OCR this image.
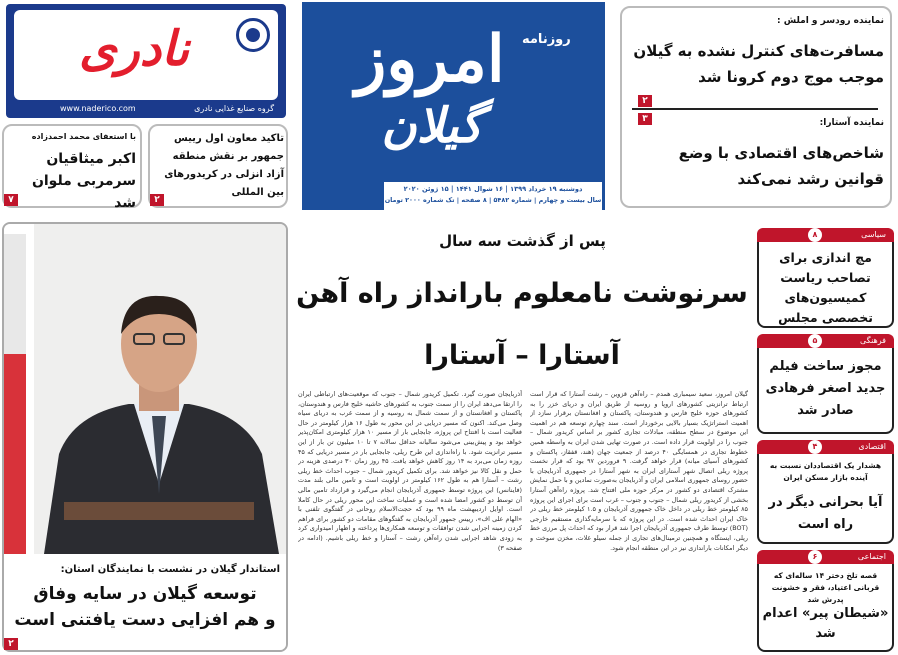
نادری
گروه صنایع غذایی نادری
www.naderico.com
روزنامه
امروز
گیلان
دوشنبه ۱۹ خرداد ۱۳۹۹ | ۱۶ شوال ۱۴۴۱ | ۱۵ ژوئن ۲۰۲۰
سال بیست و چهارم | شماره ۵۴۸۲ | ۸ صفحه | تک شماره ۲۰۰۰ تومان
نماینده رودسر و املش :
مسافرت‌های کنترل نشده به گیلان موجب موج دوم کرونا شد
۲
۳	نماینده آستارا:
شاخص‌های اقتصادی با وضع قوانین رشد نمی‌کند
تاکید معاون اول رییس جمهور بر نقش منطقه آزاد انزلی در کریدورهای بین المللی
۲
با استعفای محمد احمدزاده
اکبر میثاقیان سرمربی ملوان شد
۷
استاندار گیلان در نشست با نمایندگان استان:
توسعه گیلان در سایه وفاق
و هم افزایی دست یافتنی است
۲
پس از گذشت سه سال
سرنوشت نامعلوم بارانداز راه آهن
آستارا – آستارا

گیلان امروز، سعید سیمباری همدم – راه‌آهن قزوین – رشت آستارا که قرار است ارتباط ترانزیتی کشورهای اروپا و روسیه از طریق ایران و دریای خزر را به کشورهای حوزه خلیج فارس و هندوستان، پاکستان و افغانستان برقرار سازد از اهمیت استراتژیک بسیار بالایی برخوردار است. سند چهارم توسعه هم در اهمیت این موضوع در سطح منطقه، مبادلات تجاری کشور بر اساس کریدور شمال – جنوب را در اولویت قرار داده است. در صورت تهایی شدن ایران به واسطه همین خطوط تجاری در همسایگی ۴۰ درصد از جمعیت جهان (هند، قفقاز، پاکستان و کشورهای آسیای میانه) قرار خواهد گرفت. ۹ فروردین ۹۷ بود که قرار نخست پروژه ریلی اتصال شهر آستارای ایران به شهر آستارا در جمهوری آذربایجان با حضور روسای جمهوری اسلامی ایران و آذربایجان به‌صورت نمادین و با حمل نمایش مشترک اقتصادی دو کشور در مرکز حوزه ملی افتتاح شد. پروژه راه‌آهن آستارا بخشی از کریدور ریلی شمال – جنوب و جنوب – غرب است برای اجرای این پروژه ۸۵ کیلومتر خط ریلی در داخل خاک جمهوری آذربایجان و ۱.۵ کیلومتر خط ریلی در خاک ایران احداث شده است. در این پروژه که با سرمایه‌گذاری مستقیم خارجی (BOT) توسط طرف جمهوری آذربایجان اجرا شد قرار بود که احداث پل مرزی خط ریلی، ایستگاه و همچنین ترمینال‌های تجاری از جمله سیلو غلات، مخزن سوخت و دیگر امکانات باراندازی نیز در این منطقه انجام شود.

آذربایجان صورت گیرد. تکمیل کریدور شمال – جنوب که موقعیت‌های ارتباطی ایران را ارتقا می‌دهد ایران را از سمت جنوب به کشورهای حاشیه خلیج فارس و هندوستان، پاکستان و افغانستان و از سمت شمال به روسیه و از سمت غرب به دریای سیاه وصل می‌کند. اکنون که مسیر دریایی در این محور به طول ۱۶ هزار کیلومتر در حال فعالیت است با افتتاح این پروژه، جابجایی بار از مسیر ۱۰ هزار کیلومتری امکان‌پذیر خواهد بود و پیش‌بینی می‌شود سالیانه حداقل سالانه ۷ تا ۱۰ میلیون تن بار از این مسیر ترانزیت شود. با راه‌اندازی این طرح ریلی، جابجایی بار در مسیر دریایی که ۴۵ روزه زمان می‌برد به ۱۴ روز کاهش خواهد یافت. ۴۵ روز زمان ۳۰ درصدی هزینه در حمل و نقل کالا نیز خواهد شد. برای تکمیل کریدور شمال – جنوب احداث خط ریلی رشت – آستارا هم به طول ۱۶۲ کیلومتر در اولویت است و تامین مالی بلند مدت (فاینانس) این پروژه توسط جمهوری آذربایجان انجام می‌گیرد و قرارداد تامین مالی آن توسط دو کشور امضا شده است و عملیات ساخت این محور ریلی در حال کاملا است. اوایل اردیبهشت ماه ۹۹ بود که حجت‌الاسلام روحانی در گفتگوی تلفنی با «الهام علی اف»، رییس جمهور آذربایجان به گفتگوهای مقامات دو کشور برای فراهم کردن زمینه اجرایی شدن توافقات و توسعه همکاری‌ها پرداخته و اظهار امیدواری کرد به زودی شاهد اجرایی شدن راه‌آهن رشت – آستارا و خط ریلی باشیم. (ادامه در صفحه ۳)

سیاسی
۸
مچ اندازی برای تصاحب ریاست کمیسیون‌های تخصصی مجلس
فرهنگی
۵
مجوز ساخت فیلم جدید اصغر فرهادی صادر شد
اقتصادی
۴
هشدار یک اقتصاددان نسبت به آینده بازار مسکن ایران
آیا بحرانی دیگر در راه است
اجتماعی
۶
قصه تلخ دختر ۱۴ ساله‌ای که قربانی اعتیاد، فقر و خشونت پدرش شد
«شیطان پیر» اعدام شد
